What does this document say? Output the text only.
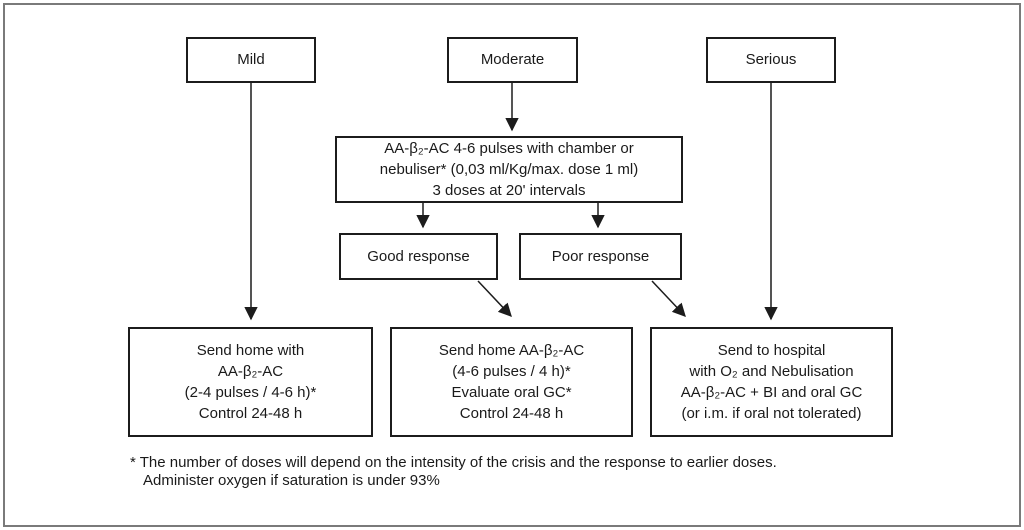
Mild	Moderate	Serious
AA-β₂-AC 4-6 pulses with chamber or
nebuliser* (0,03 ml/Kg/max. dose 1 ml)
3 doses at 20' intervals
Good response	Poor response
Send home with
AA-β₂-AC
(2-4 pulses / 4-6 h)*
Control 24-48 h
Send home AA-β₂-AC
(4-6 pulses / 4 h)*
Evaluate oral GC*
Control 24-48 h
Send to hospital
with O₂ and Nebulisation
AA-β₂-AC + BI and oral GC
(or i.m. if oral not tolerated)
* The number of doses will depend on the intensity of the crisis and the response to earlier doses.
Administer oxygen if saturation is under 93%
